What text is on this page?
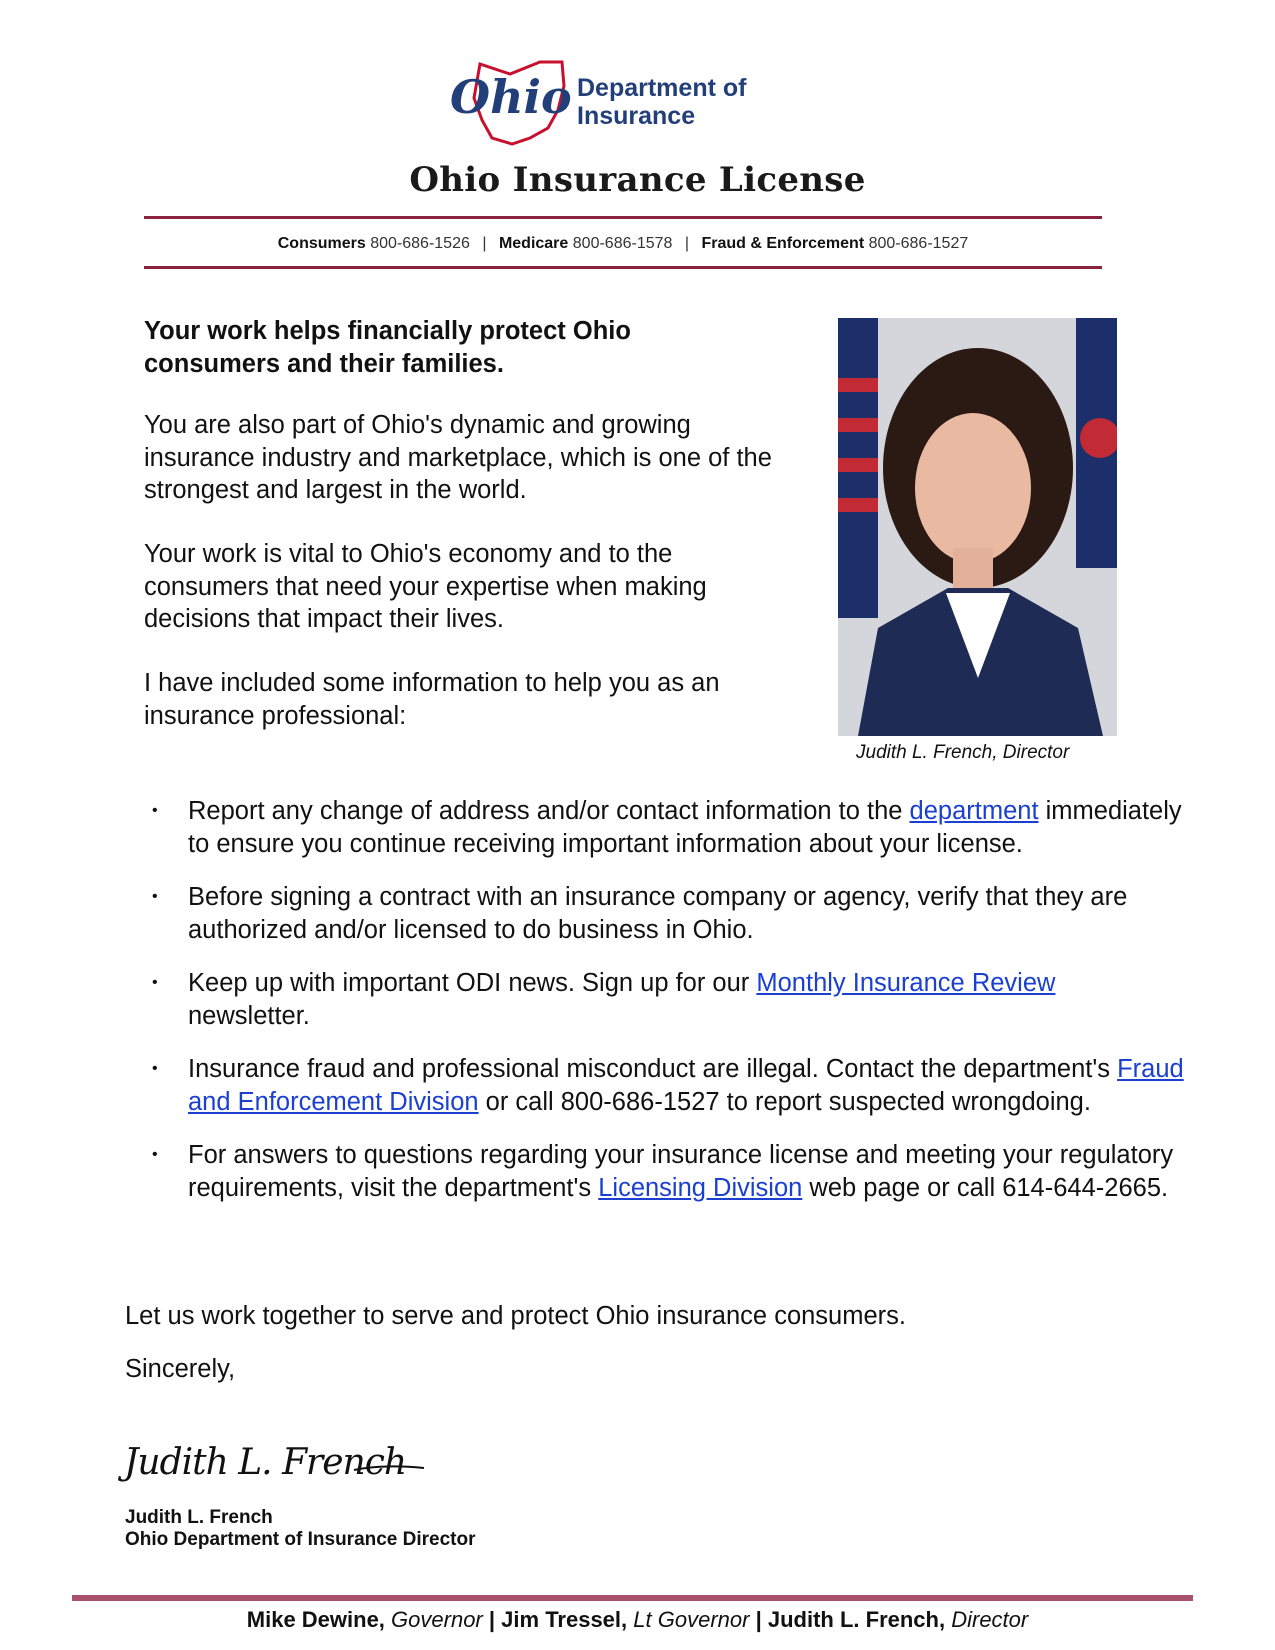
Ohio Department of
Insurance
Ohio Insurance License
Consumers 800-686-1526 | Medicare 800-686-1578 | Fraud & Enforcement 800-686-1527
Your work helps financially protect Ohio consumers and their families.
You are also part of Ohio's dynamic and growing insurance industry and marketplace, which is one of the strongest and largest in the world.
Your work is vital to Ohio's economy and to the consumers that need your expertise when making decisions that impact their lives.
I have included some information to help you as an insurance professional:
Judith L. French, Director
• Report any change of address and/or contact information to the department immediately to ensure you continue receiving important information about your license.
• Before signing a contract with an insurance company or agency, verify that they are authorized and/or licensed to do business in Ohio.
• Keep up with important ODI news. Sign up for our Monthly Insurance Review newsletter.
• Insurance fraud and professional misconduct are illegal. Contact the department's Fraud and Enforcement Division or call 800-686-1527 to report suspected wrongdoing.
• For answers to questions regarding your insurance license and meeting your regulatory requirements, visit the department's Licensing Division web page or call 614-644-2665.
Let us work together to serve and protect Ohio insurance consumers.
Sincerely,
Judith L. French
Judith L. French
Ohio Department of Insurance Director
Mike Dewine, Governor | Jim Tressel, Lt Governor | Judith L. French, Director
